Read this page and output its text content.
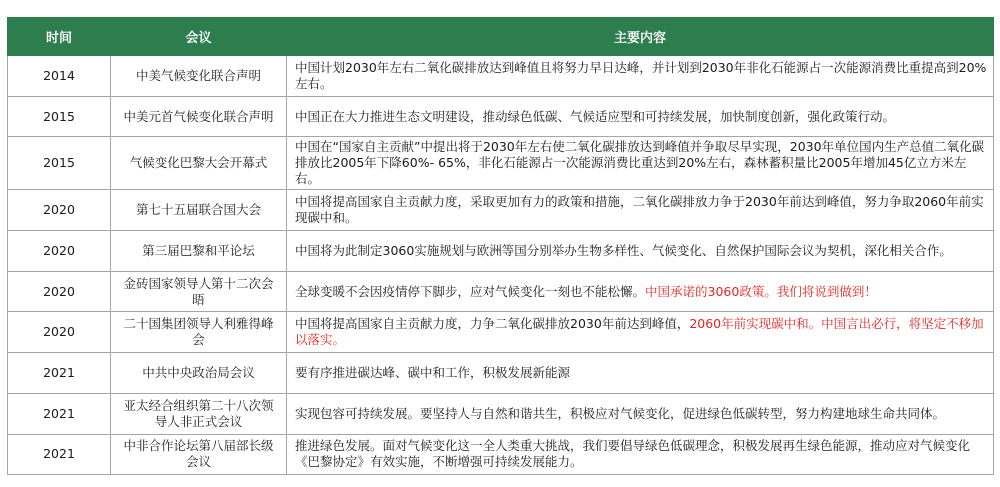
时间	会议	主要内容
2014	中美气候变化联合声明	中国计划2030年左右二氧化碳排放达到峰值且将努力早日达峰，并计划到2030年非化石能源占一次能源消费比重提高到20%左右。
2015	中美元首气候变化联合声明	中国正在大力推进生态文明建设，推动绿色低碳、气候适应型和可持续发展，加快制度创新，强化政策行动。
2015	气候变化巴黎大会开幕式	中国在“国家自主贡献”中提出将于2030年左右使二氧化碳排放达到峰值并争取尽早实现，2030年单位国内生产总值二氧化碳排放比2005年下降60%- 65%，非化石能源占一次能源消费比重达到20%左右，森林蓄积量比2005年增加45亿立方米左右。
2020	第七十五届联合国大会	中国将提高国家自主贡献力度，采取更加有力的政策和措施，二氧化碳排放力争于2030年前达到峰值，努力争取2060年前实现碳中和。
2020	第三届巴黎和平论坛	中国将为此制定3060实施规划与欧洲等国分别举办生物多样性、气候变化、自然保护国际会议为契机，深化相关合作。
2020	金砖国家领导人第十二次会晤	全球变暖不会因疫情停下脚步，应对气候变化一刻也不能松懈。中国承诺的3060政策。我们将说到做到！
2020	二十国集团领导人利雅得峰会	中国将提高国家自主贡献力度，力争二氧化碳排放2030年前达到峰值，2060年前实现碳中和。中国言出必行，将坚定不移加以落实。
2021	中共中央政治局会议	要有序推进碳达峰、碳中和工作，积极发展新能源
2021	亚太经合组织第二十八次领导人非正式会议	实现包容可持续发展。要坚持人与自然和谐共生，积极应对气候变化，促进绿色低碳转型，努力构建地球生命共同体。
2021	中非合作论坛第八届部长级会议	推进绿色发展。面对气候变化这一全人类重大挑战，我们要倡导绿色低碳理念，积极发展再生绿色能源，推动应对气候变化《巴黎协定》有效实施，不断增强可持续发展能力。
